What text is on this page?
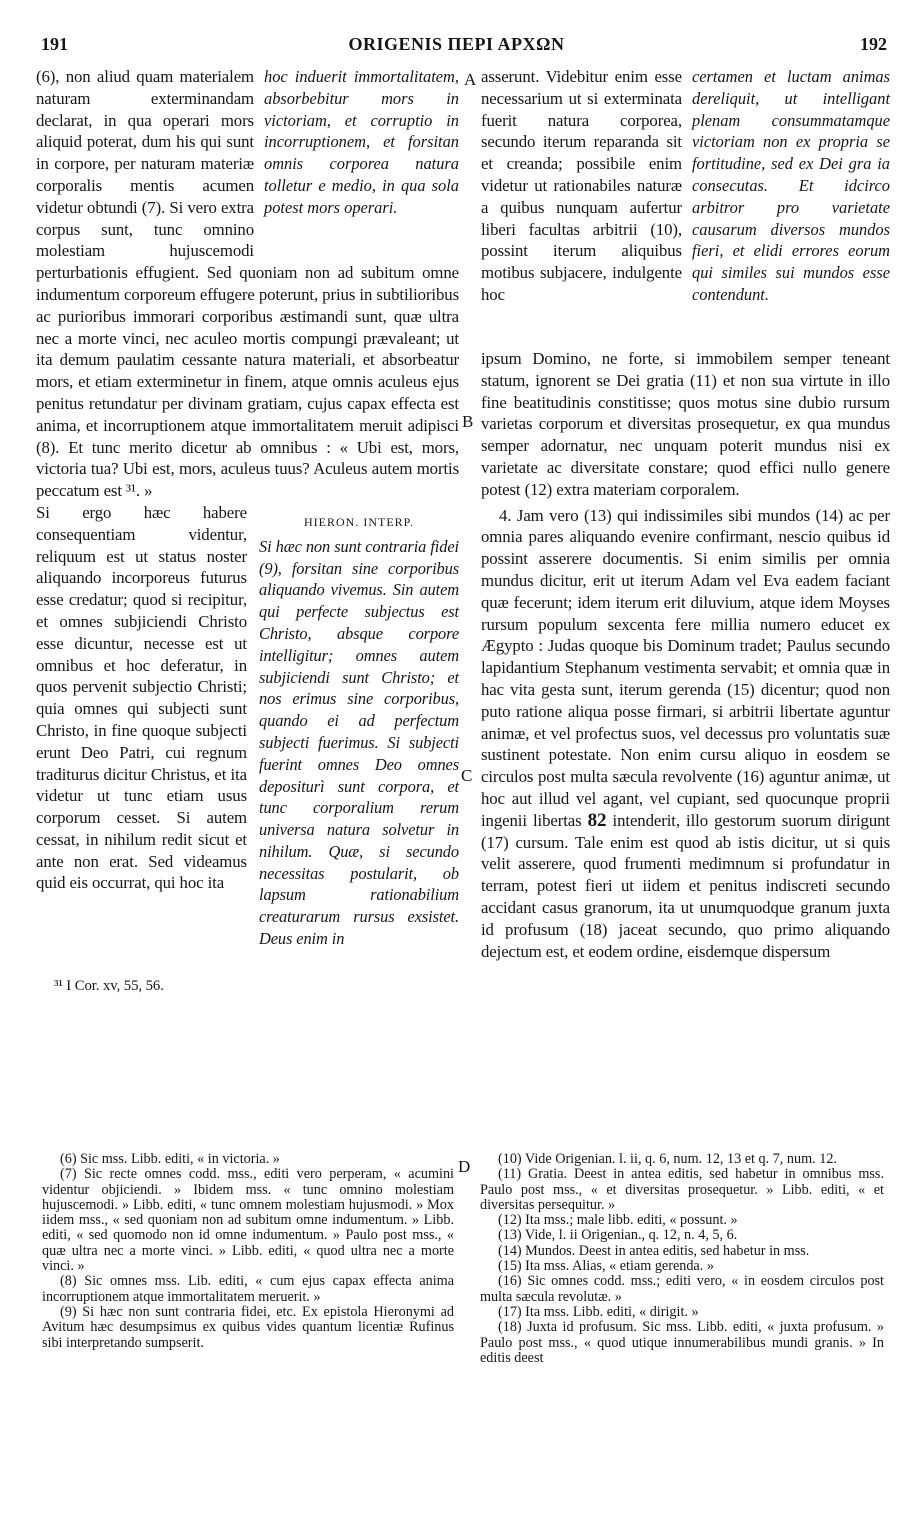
191	ORIGENIS ΠΕΡΙ ΑΡΧΩΝ	192
A
B
C
D

hoc induerit immortalitatem, absorbebitur mors in victoriam, et corruptio in incorruptionem, et forsitan omnis corporea natura tolletur e medio, in qua sola potest mors operari.

(6), non aliud quam materialem naturam exterminandam declarat, in qua operari mors aliquid poterat, dum his qui sunt in corpore, per naturam materiæ corporalis mentis acumen videtur obtundi (7). Si vero extra corpus sunt, tunc omnino molestiam hujuscemodi perturbationis effugient. Sed quoniam non ad subitum omne indumentum corporeum effugere poterunt, prius in subtilioribus ac purioribus immorari corporibus æstimandi sunt, quæ ultra nec a morte vinci, nec aculeo mortis compungi prævaleant; ut ita demum paulatim cessante natura materiali, et absorbeatur mors, et etiam exterminetur in finem, atque omnis aculeus ejus penitus retundatur per divinam gratiam, cujus capax effecta est anima, et incorruptionem atque immortalitatem meruit adipisci (8). Et tunc merito dicetur ab omnibus : « Ubi est, mors, victoria tua? Ubi est, mors, aculeus tuus? Aculeus autem mortis peccatum est ³¹. »

HIERON. INTERP.

Si hæc non sunt contraria fidei (9), forsitan sine corporibus aliquando vivemus. Sin autem qui perfecte subjectus est Christo, absque corpore intelligitur; omnes autem subjiciendi sunt Christo; et nos erimus sine corporibus, quando ei ad perfectum subjecti fuerimus. Si subjecti fuerint omnes Deo omnes depositurì sunt corpora, et tunc corporalium rerum universa natura solvetur in nihilum. Quæ, si secundo necessitas postularit, ob lapsum rationabilium creaturarum rursus exsistet. Deus enim in

Si ergo hæc habere consequentiam videntur, reliquum est ut status noster aliquando incorporeus futurus esse credatur; quod si recipitur, et omnes subjiciendi Christo esse dicuntur, necesse est ut omnibus et hoc deferatur, in quos pervenit subjectio Christi; quia omnes qui subjecti sunt Christo, in fine quoque subjecti erunt Deo Patri, cui regnum traditurus dicitur Christus, et ita videtur ut tunc etiam usus corporum cesset. Si autem cessat, in nihilum redit sicut et ante non erat. Sed videamus quid eis occurrat, qui hoc ita

³¹ I Cor. xv, 55, 56.

certamen et luctam animas dereliquit, ut intelligant plenam consummatamque victoriam non ex propria se fortitudine, sed ex Dei gra ia consecutas. Et idcirco arbitror pro varietate causarum diversos mundos fieri, et elidi errores eorum qui similes sui mundos esse contendunt.

asserunt. Videbitur enim esse necessarium ut si exterminata fuerit natura corporea, secundo iterum reparanda sit et creanda; possibile enim videtur ut rationabiles naturæ a quibus nunquam aufertur liberi facultas arbitrii (10), possint iterum aliquibus motibus subjacere, indulgente hoc

ipsum Domino, ne forte, si immobilem semper teneant statum, ignorent se Dei gratia (11) et non sua virtute in illo fine beatitudinis constitisse; quos motus sine dubio rursum varietas corporum et diversitas prosequetur, ex qua mundus semper adornatur, nec unquam poterit mundus nisi ex varietate ac diversitate constare; quod effici nullo genere potest (12) extra materiam corporalem.

4. Jam vero (13) qui indissimiles sibi mundos (14) ac per omnia pares aliquando evenire confirmant, nescio quibus id possint asserere documentis. Si enim similis per omnia mundus dicitur, erit ut iterum Adam vel Eva eadem faciant quæ fecerunt; idem iterum erit diluvium, atque idem Moyses rursum populum sexcenta fere millia numero educet ex Ægypto : Judas quoque bis Dominum tradet; Paulus secundo lapidantium Stephanum vestimenta servabit; et omnia quæ in hac vita gesta sunt, iterum gerenda (15) dicentur; quod non puto ratione aliqua posse firmari, si arbitrii libertate aguntur animæ, et vel profectus suos, vel decessus pro voluntatis suæ sustinent potestate. Non enim cursu aliquo in eosdem se circulos post multa sæcula revolvente (16) aguntur animæ, ut hoc aut illud vel agant, vel cupiant, sed quocunque proprii ingenii libertas 82 intenderit, illo gestorum suorum dirigunt (17) cursum. Tale enim est quod ab istis dicitur, ut si quis velit asserere, quod frumenti medimnum si profundatur in terram, potest fieri ut iidem et penitus indiscreti secundo accidant casus granorum, ita ut unumquodque granum juxta id profusum (18) jaceat secundo, quo primo aliquando dejectum est, et eodem ordine, eisdemque dispersum

(6) Sic mss. Libb. editi, « in victoria. »

(7) Sic recte omnes codd. mss., editi vero perperam, « acumini videntur objiciendi. » Ibidem mss. « tunc omnino molestiam hujuscemodi. » Libb. editi, « tunc omnem molestiam hujusmodi. » Mox iidem mss., « sed quoniam non ad subitum omne indumentum. » Libb. editi, « sed quomodo non id omne indumentum. » Paulo post mss., « quæ ultra nec a morte vinci. » Libb. editi, « quod ultra nec a morte vinci. »

(8) Sic omnes mss. Lib. editi, « cum ejus capax effecta anima incorruptionem atque immortalitatem meruerit. »

(9) Si hæc non sunt contraria fidei, etc. Ex epistola Hieronymi ad Avitum hæc desumpsimus ex quibus vides quantum licentiæ Rufinus sibi interpretando sumpserit.

(10) Vide Origenian. l. ii, q. 6, num. 12, 13 et q. 7, num. 12.

(11) Gratia. Deest in antea editis, sed habetur in omnibus mss. Paulo post mss., « et diversitas prosequetur. » Libb. editi, « et diversitas persequitur. »

(12) Ita mss.; male libb. editi, « possunt. »

(13) Vide, l. ii Origenian., q. 12, n. 4, 5, 6.

(14) Mundos. Deest in antea editis, sed habetur in mss.

(15) Ita mss. Alias, « etiam gerenda. »

(16) Sic omnes codd. mss.; editi vero, « in eosdem circulos post multa sæcula revolutæ. »

(17) Ita mss. Libb. editi, « dirigit. »

(18) Juxta id profusum. Sic mss. Libb. editi, « juxta profusum. » Paulo post mss., « quod utique innumerabilibus mundi granis. » In editis deest
